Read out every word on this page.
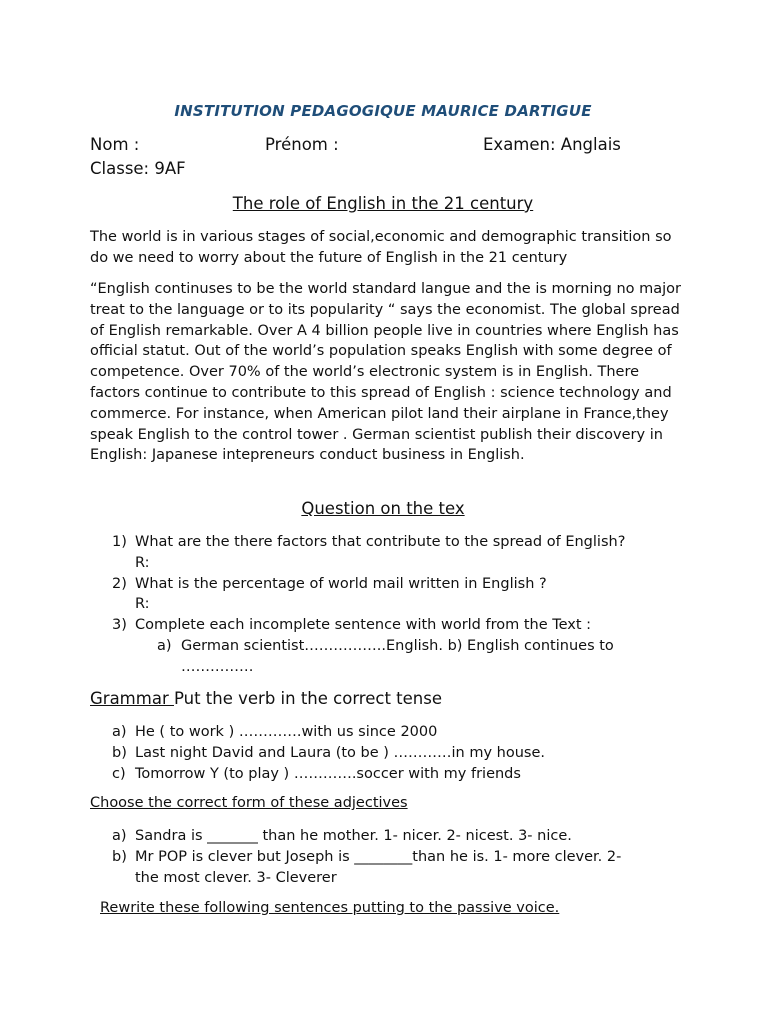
INSTITUTION PEDAGOGIQUE MAURICE DARTIGUE
Nom :	Prénom :	Examen: Anglais
Classe: 9AF
The role of English in the 21 century
The world is in various stages of social,economic and demographic transition so do we need to worry about the future of English in the 21 century
“English continuses to be the world standard langue and the is morning no major treat to the language or to its popularity “ says the economist. The global spread of English remarkable. Over A 4 billion people live in countries where English has official statut. Out of the world’s population speaks English with some degree of competence. Over 70% of the world’s electronic system is in English. There factors continue to contribute to this spread of English : science technology and commerce. For instance, when American pilot land their airplane in France,they speak English to the control tower . German scientist publish their discovery in English: Japanese intepreneurs conduct business in English.
Question on the tex
1) What are the there factors that contribute to the spread of English?
R:
2) What is the percentage of world mail written in English ?
R:
3) Complete each incomplete sentence with world from the Text :
a) German scientist……………..English. b) English continues to
……………
Grammar Put the verb in the correct tense
a) He ( to work ) ………….with us since 2000
b) Last night David and Laura (to be ) …………in my house.
c) Tomorrow Y (to play ) ………….soccer with my friends
Choose the correct form of these adjectives
a) Sandra is _______ than he mother. 1- nicer. 2- nicest. 3- nice.
b) Mr POP is clever but Joseph is ________than he is. 1- more clever. 2-
the most clever. 3- Cleverer
Rewrite these following sentences putting to the passive voice.
